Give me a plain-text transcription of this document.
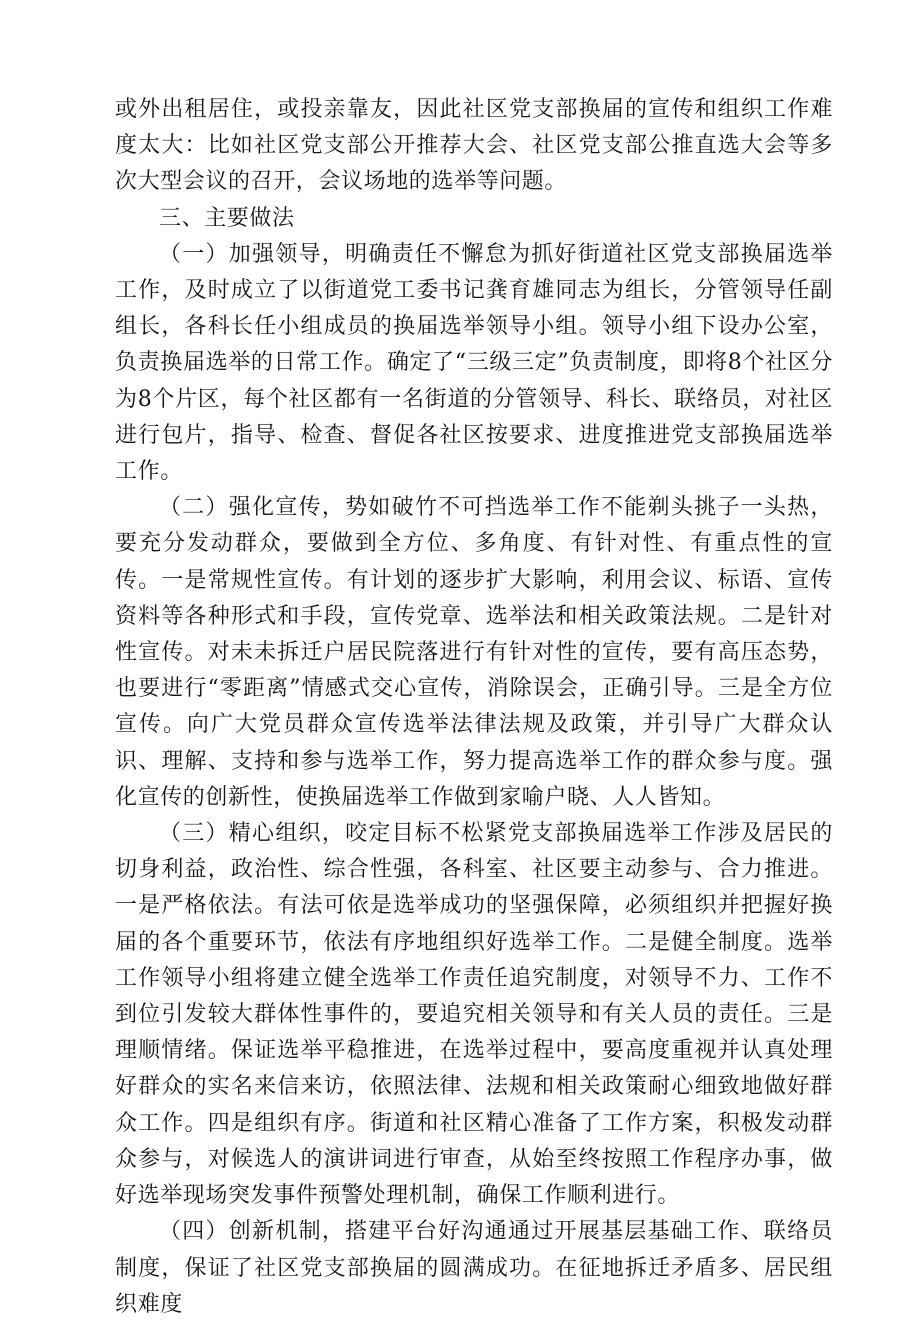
或外出租居住，或投亲靠友，因此社区党支部换届的宣传和组织工作难度太大：比如社区党支部公开推荐大会、社区党支部公推直选大会等多次大型会议的召开，会议场地的选举等问题。

三、主要做法

（一）加强领导，明确责任不懈怠为抓好街道社区党支部换届选举工作，及时成立了以街道党工委书记龚育雄同志为组长，分管领导任副组长，各科长任小组成员的换届选举领导小组。领导小组下设办公室，负责换届选举的日常工作。确定了“三级三定”负责制度，即将8个社区分为8个片区，每个社区都有一名街道的分管领导、科长、联络员，对社区进行包片，指导、检查、督促各社区按要求、进度推进党支部换届选举工作。

（二）强化宣传，势如破竹不可挡选举工作不能剃头挑子一头热，要充分发动群众，要做到全方位、多角度、有针对性、有重点性的宣传。一是常规性宣传。有计划的逐步扩大影响，利用会议、标语、宣传资料等各种形式和手段，宣传党章、选举法和相关政策法规。二是针对性宣传。对未未拆迁户居民院落进行有针对性的宣传，要有高压态势，也要进行“零距离”情感式交心宣传，消除误会，正确引导。三是全方位宣传。向广大党员群众宣传选举法律法规及政策，并引导广大群众认识、理解、支持和参与选举工作，努力提高选举工作的群众参与度。强化宣传的创新性，使换届选举工作做到家喻户晓、人人皆知。

（三）精心组织，咬定目标不松紧党支部换届选举工作涉及居民的切身利益，政治性、综合性强，各科室、社区要主动参与、合力推进。一是严格依法。有法可依是选举成功的坚强保障，必须组织并把握好换届的各个重要环节，依法有序地组织好选举工作。二是健全制度。选举工作领导小组将建立健全选举工作责任追究制度，对领导不力、工作不到位引发较大群体性事件的，要追究相关领导和有关人员的责任。三是理顺情绪。保证选举平稳推进，在选举过程中，要高度重视并认真处理好群众的实名来信来访，依照法律、法规和相关政策耐心细致地做好群众工作。四是组织有序。街道和社区精心准备了工作方案，积极发动群众参与，对候选人的演讲词进行审查，从始至终按照工作程序办事，做好选举现场突发事件预警处理机制，确保工作顺利进行。

（四）创新机制，搭建平台好沟通通过开展基层基础工作、联络员制度，保证了社区党支部换届的圆满成功。在征地拆迁矛盾多、居民组织难度
